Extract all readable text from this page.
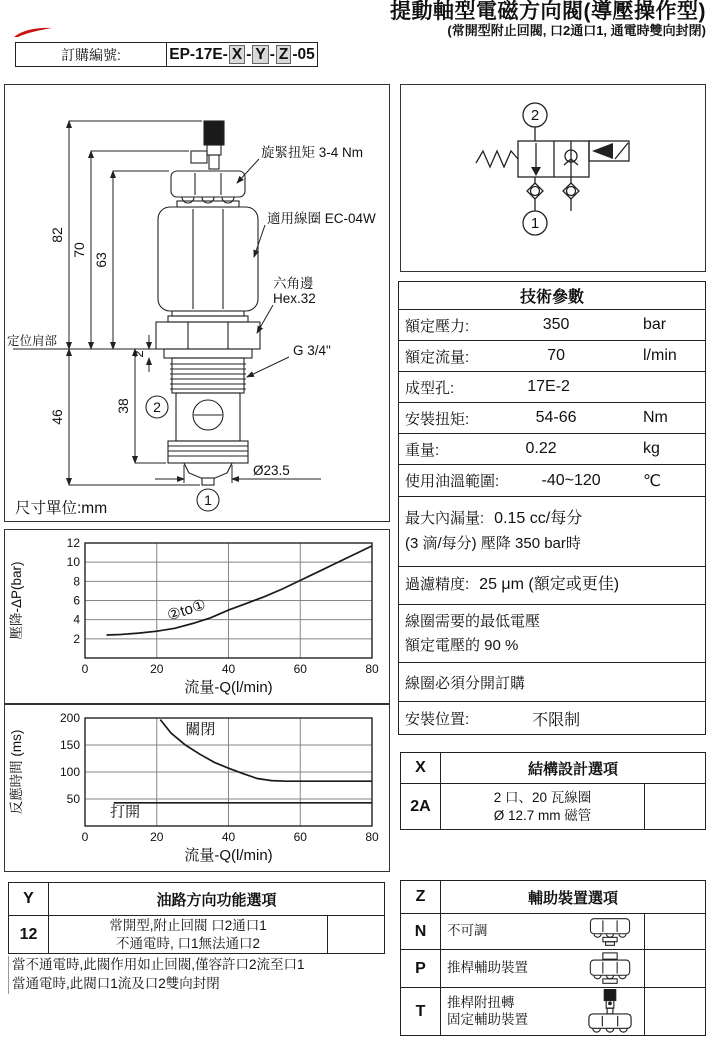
提動軸型電磁方向閥(導壓操作型)
(常開型附止回閥, 口2通口1, 通電時雙向封閉)
訂購編號:	EP-17E- X - Y - Z -05
82
70
63
46
38
2
旋緊扭矩 3-4 Nm
適用線圈 EC-04W
六角邊
Hex.32
G 3/4"
定位肩部
Ø23.5
尺寸單位:mm
2
1
2
1
技術參數
額定壓力:	350	bar
額定流量:	70	l/min
成型孔:	17E-2
安裝扭矩:	54-66	Nm
重量:	0.22	kg
使用油溫範圍:	-40~120	℃
最大內漏量: 0.15 cc/每分
(3 滴/每分) 壓降 350 bar時
過濾精度: 25 μm (額定或更佳)
線圈需要的最低電壓
額定電壓的 90 %
線圈必須分開訂購
安裝位置:	不限制
0	20	40	60	80
2
4
6
8
10
12
②to①
流量-Q(l/min)
壓降-ΔP(bar)
0	20	40	60	80
50
100
150
200
關閉
打開
流量-Q(l/min)
反應時間 (ms)	X	結構設計選項
2A
2 口、20 瓦線圈
Ø 12.7 mm 磁管
Y	油路方向功能選項
12
常開型,附止回閥 口2通口1
不通電時, 口1無法通口2
當不通電時,此閥作用如止回閥,僅容許口2流至口1
當通電時,此閥口1流及口2雙向封閉
Z	輔助裝置選項
N	不可調
P	推桿輔助裝置
T
推桿附扭轉
固定輔助裝置
